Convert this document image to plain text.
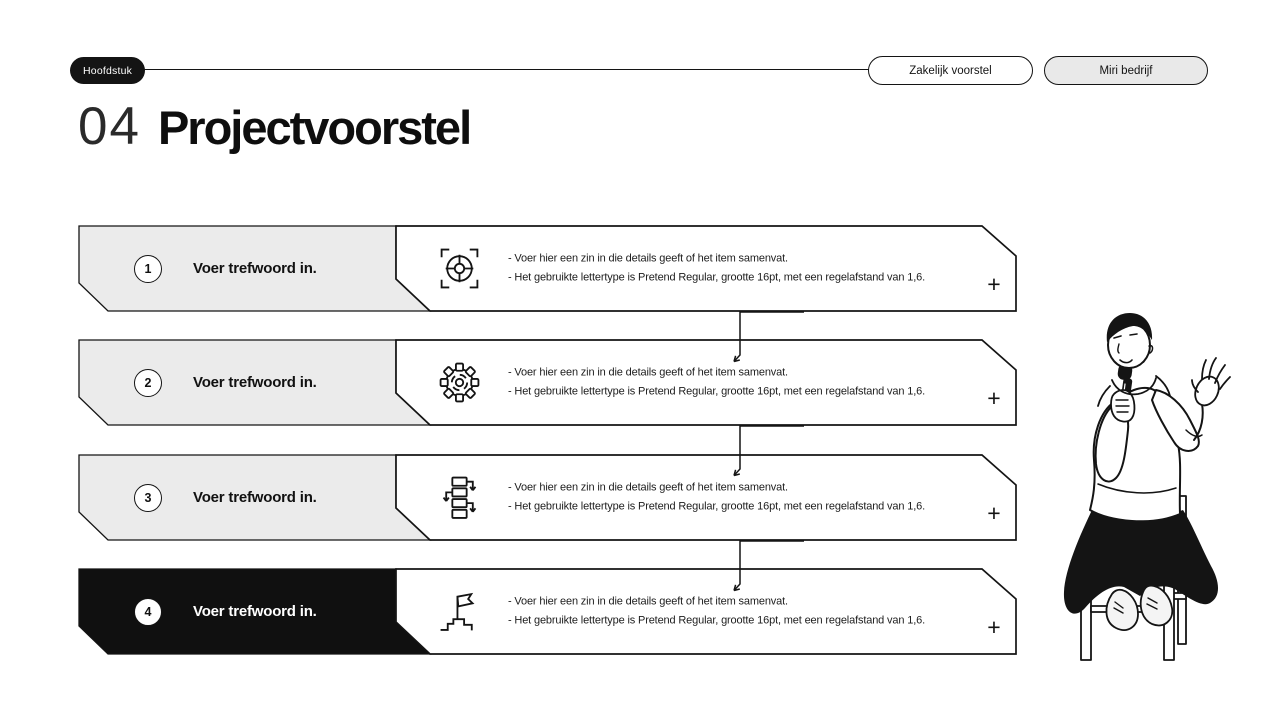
Hoofdstuk	Zakelijk voorstel	Miri bedrijf
04 Projectvoorstel
1	Voer trefwoord in.
- Voer hier een zin in die details geeft of het item samenvat.
- Het gebruikte lettertype is Pretend Regular, grootte 16pt, met een regelafstand van 1,6.	+
2	Voer trefwoord in.
- Voer hier een zin in die details geeft of het item samenvat.
- Het gebruikte lettertype is Pretend Regular, grootte 16pt, met een regelafstand van 1,6.	+
3	Voer trefwoord in.
- Voer hier een zin in die details geeft of het item samenvat.
- Het gebruikte lettertype is Pretend Regular, grootte 16pt, met een regelafstand van 1,6.	+
4	Voer trefwoord in.
- Voer hier een zin in die details geeft of het item samenvat.
- Het gebruikte lettertype is Pretend Regular, grootte 16pt, met een regelafstand van 1,6.	+
